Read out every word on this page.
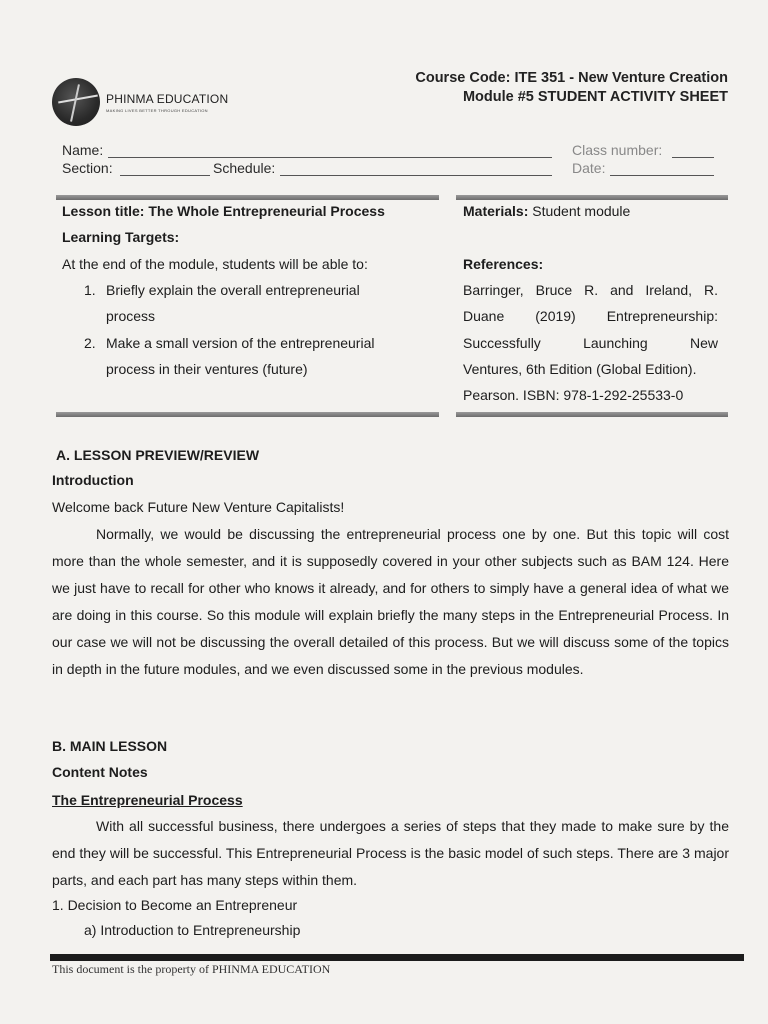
PHINMA EDUCATION
MAKING LIVES BETTER THROUGH EDUCATION
Course Code: ITE 351 - New Venture Creation
Module #5 STUDENT ACTIVITY SHEET
Name:	Class number:
Section:	Schedule:	Date:
Lesson title: The Whole Entrepreneurial Process
Learning Targets:
At the end of the module, students will be able to:
1. Briefly explain the overall entrepreneurial
process
2. Make a small version of the entrepreneurial
process in their ventures (future)
Materials: Student module
References:
Barringer, Bruce R. and Ireland, R.
Duane (2019) Entrepreneurship:
Successfully Launching New
Ventures, 6th Edition (Global Edition).
Pearson. ISBN: 978-1-292-25533-0
A. LESSON PREVIEW/REVIEW
Introduction
Welcome back Future New Venture Capitalists!
Normally, we would be discussing the entrepreneurial process one by one. But this topic will cost more than the whole semester, and it is supposedly covered in your other subjects such as BAM 124. Here we just have to recall for other who knows it already, and for others to simply have a general idea of what we are doing in this course. So this module will explain briefly the many steps in the Entrepreneurial Process. In our case we will not be discussing the overall detailed of this process. But we will discuss some of the topics in depth in the future modules, and we even discussed some in the previous modules.
B. MAIN LESSON
Content Notes
The Entrepreneurial Process
With all successful business, there undergoes a series of steps that they made to make sure by the end they will be successful. This Entrepreneurial Process is the basic model of such steps. There are 3 major parts, and each part has many steps within them.
1. Decision to Become an Entrepreneur
a) Introduction to Entrepreneurship
This document is the property of PHINMA EDUCATION
